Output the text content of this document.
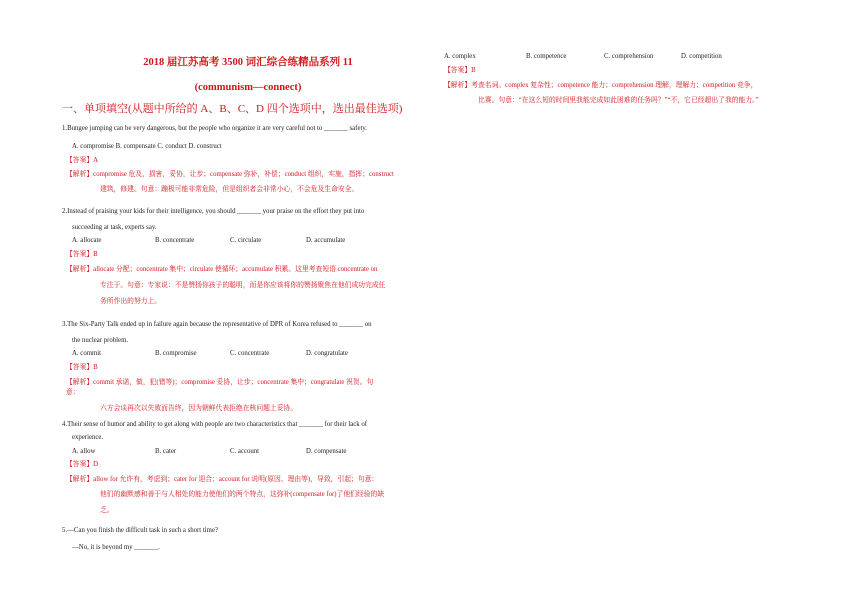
2018 届江苏高考 3500 词汇综合练精品系列 11
(communism—connect)
一、单项填空(从题中所给的 A、B、C、D 四个选项中，选出最佳选项)
1.Bungee jumping can be very dangerous, but the people who organize it are very careful not to _______ safety.
A. compromise B. compensate C. conduct D. construct
【答案】A
【解析】compromise 危及，损害，妥协，让步；compensate 弥补，补偿；conduct 组织，实施，指挥；construct
建筑，修建。句意：蹦极可能非常危险，但是组织者会非常小心，不会危及生命安全。
2.Instead of praising your kids for their intelligence, you should _______ your praise on the effort they put into
succeeding at task, experts say.
A. allocate	B. concentrate	C. circulate	D. accumulate
【答案】B
【解析】allocate 分配；concentrate 集中；circulate 使循环；accumulate 积累。这里考查短语 concentrate on
专注于。句意：专家说：不是赞扬你孩子的聪明，而是你应该将你的赞扬聚焦在他们成功完成任
务所作出的努力上。
3.The Six-Party Talk ended up in failure again because the representative of DPR of Korea refused to _______ on
the nuclear problem.
A. commit	B. compromise	C. concentrate	D. congratulate
【答案】B
【解析】commit 承诺，做，犯(错等)；compromise 妥协，让步；concentrate 集中；congratulate 祝贺。句
意：
六方会谈再次以失败而告终，因为朝鲜代表拒绝在核问题上妥协。
4.Their sense of humor and ability to get along with people are two characteristics that _______ for their lack of
experience.
A. allow	B. cater	C. account	D. compensate
【答案】D
【解析】allow for 允许有，考虑到；cater for 迎合；account for 说明(原因、理由等)，导致，引起；句意：
他们的幽默感和善于与人相处的能力使他们的两个特点，这弥补(compensate for)了他们经验的缺
乏。
5.—Can you finish the difficult task in such a short time?
—No, it is beyond my _______.
A. complex	B. competence	C. comprehension	D. competition
【答案】B
【解析】考查名词。complex 复杂性；competence 能力；comprehension 理解，理解力；competition 竞争，
比赛。句意：“在这么短的时间里我能完成如此困难的任务吗？”“不，它已经超出了我的能力。”
